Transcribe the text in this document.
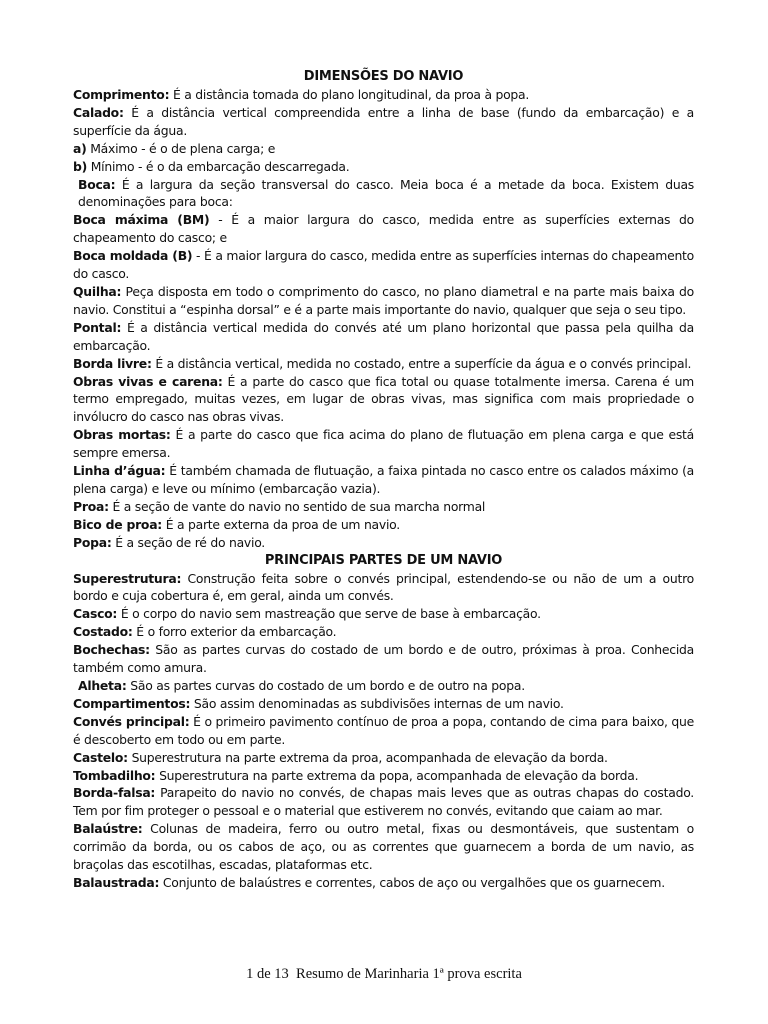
DIMENSÕES DO NAVIO

Comprimento: É a distância tomada do plano longitudinal, da proa à popa.

Calado: É a distância vertical compreendida entre a linha de base (fundo da embarcação) e a superfície da água.

a) Máximo - é o de plena carga; e

b) Mínimo - é o da embarcação descarregada.

Boca: É a largura da seção transversal do casco. Meia boca é a metade da boca. Existem duas denominações para boca:

Boca máxima (BM) - É a maior largura do casco, medida entre as superfícies externas do chapeamento do casco; e

Boca moldada (B) - É a maior largura do casco, medida entre as superfícies internas do chapeamento do casco.

Quilha: Peça disposta em todo o comprimento do casco, no plano diametral e na parte mais baixa do navio. Constitui a “espinha dorsal” e é a parte mais importante do navio, qualquer que seja o seu tipo.

Pontal: É a distância vertical medida do convés até um plano horizontal que passa pela quilha da embarcação.

Borda livre: É a distância vertical, medida no costado, entre a superfície da água e o convés principal.

Obras vivas e carena: É a parte do casco que fica total ou quase totalmente imersa. Carena é um termo empregado, muitas vezes, em lugar de obras vivas, mas significa com mais propriedade o invólucro do casco nas obras vivas.

Obras mortas: É a parte do casco que fica acima do plano de flutuação em plena carga e que está sempre emersa.

Linha d’água: É também chamada de flutuação, a faixa pintada no casco entre os calados máximo (a plena carga) e leve ou mínimo (embarcação vazia).

Proa: É a seção de vante do navio no sentido de sua marcha normal

Bico de proa: É a parte externa da proa de um navio.

Popa: É a seção de ré do navio.

PRINCIPAIS PARTES DE UM NAVIO

Superestrutura: Construção feita sobre o convés principal, estendendo-se ou não de um a outro bordo e cuja cobertura é, em geral, ainda um convés.

Casco: É o corpo do navio sem mastreação que serve de base à embarcação.

Costado: É o forro exterior da embarcação.

Bochechas: São as partes curvas do costado de um bordo e de outro, próximas à proa. Conhecida também como amura.

Alheta: São as partes curvas do costado de um bordo e de outro na popa.

Compartimentos: São assim denominadas as subdivisões internas de um navio.

Convés principal: É o primeiro pavimento contínuo de proa a popa, contando de cima para baixo, que é descoberto em todo ou em parte.

Castelo: Superestrutura na parte extrema da proa, acompanhada de elevação da borda.

Tombadilho: Superestrutura na parte extrema da popa, acompanhada de elevação da borda.

Borda-falsa: Parapeito do navio no convés, de chapas mais leves que as outras chapas do costado. Tem por fim proteger o pessoal e o material que estiverem no convés, evitando que caiam ao mar.

Balaústre: Colunas de madeira, ferro ou outro metal, fixas ou desmontáveis, que sustentam o corrimão da borda, ou os cabos de aço, ou as correntes que guarnecem a borda de um navio, as braçolas das escotilhas, escadas, plataformas etc.

Balaustrada: Conjunto de balaústres e correntes, cabos de aço ou vergalhões que os guarnecem.

1 de 13 Resumo de Marinharia 1ª prova escrita
